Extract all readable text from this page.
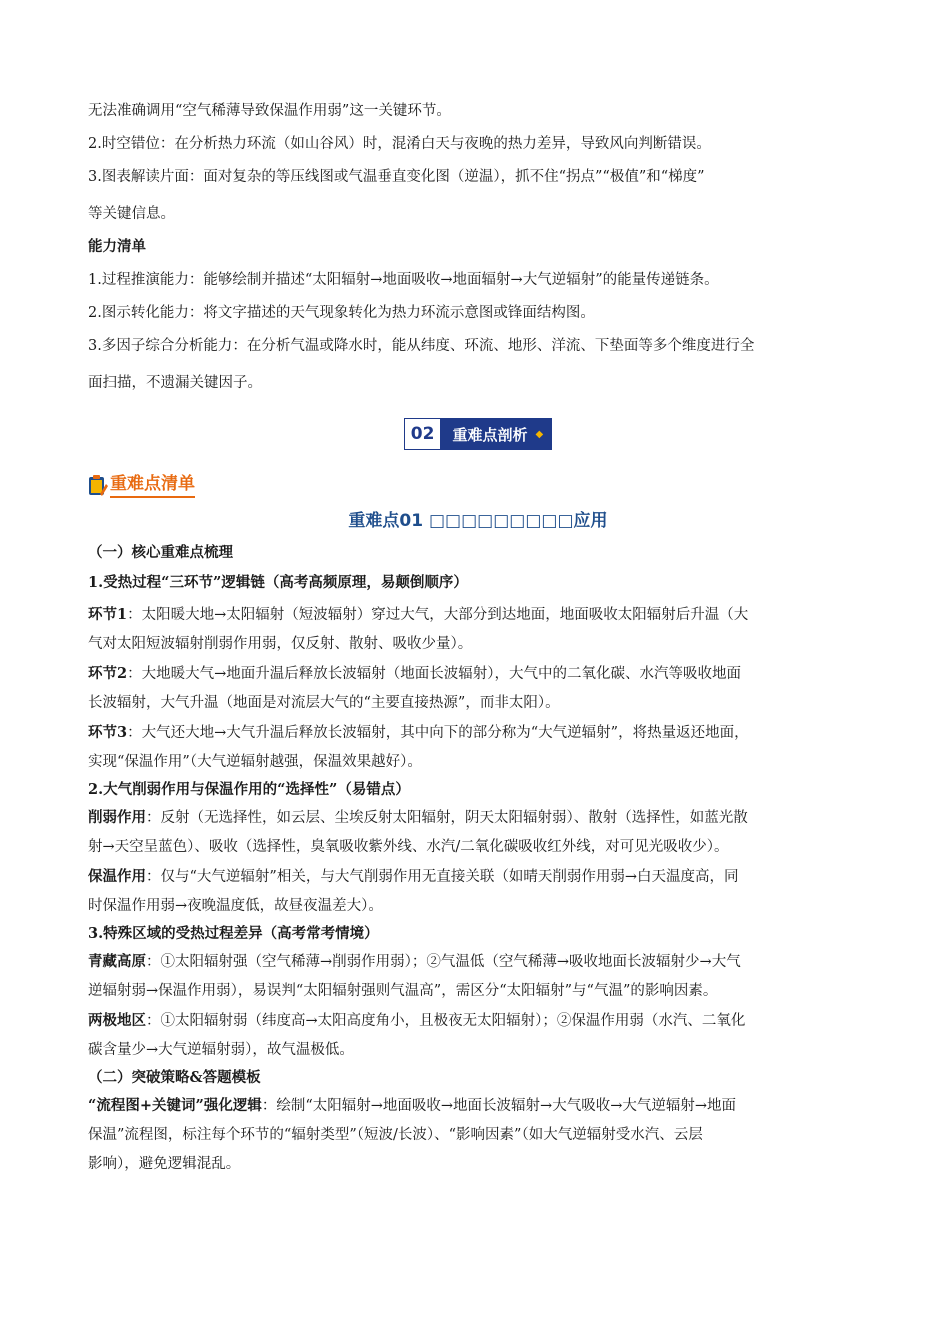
无法准确调用“空气稀薄导致保温作用弱”这一关键环节。

2.时空错位：在分析热力环流（如山谷风）时，混淆白天与夜晚的热力差异，导致风向判断错误。

3.图表解读片面：面对复杂的等压线图或气温垂直变化图（逆温），抓不住“拐点”“极值”和“梯度”

等关键信息。

能力清单

1.过程推演能力：能够绘制并描述“太阳辐射→地面吸收→地面辐射→大气逆辐射”的能量传递链条。

2.图示转化能力：将文字描述的天气现象转化为热力环流示意图或锋面结构图。

3.多因子综合分析能力：在分析气温或降水时，能从纬度、环流、地形、洋流、下垫面等多个维度进行全

面扫描，不遗漏关键因子。

02	重难点剖析 ◆
重难点清单

重难点01 □□□□□□□□□应用

（一）核心重难点梳理

1.受热过程“三环节”逻辑链（高考高频原理，易颠倒顺序）

环节1：太阳暖大地→太阳辐射（短波辐射）穿过大气，大部分到达地面，地面吸收太阳辐射后升温（大

气对太阳短波辐射削弱作用弱，仅反射、散射、吸收少量）。

环节2：大地暖大气→地面升温后释放长波辐射（地面长波辐射），大气中的二氧化碳、水汽等吸收地面

长波辐射，大气升温（地面是对流层大气的“主要直接热源”，而非太阳）。

环节3：大气还大地→大气升温后释放长波辐射，其中向下的部分称为“大气逆辐射”，将热量返还地面，

实现“保温作用”（大气逆辐射越强，保温效果越好）。

2.大气削弱作用与保温作用的“选择性”（易错点）

削弱作用：反射（无选择性，如云层、尘埃反射太阳辐射，阴天太阳辐射弱）、散射（选择性，如蓝光散

射→天空呈蓝色）、吸收（选择性，臭氧吸收紫外线、水汽/二氧化碳吸收红外线，对可见光吸收少）。

保温作用：仅与“大气逆辐射”相关，与大气削弱作用无直接关联（如晴天削弱作用弱→白天温度高，同

时保温作用弱→夜晚温度低，故昼夜温差大）。

3.特殊区域的受热过程差异（高考常考情境）

青藏高原：①太阳辐射强（空气稀薄→削弱作用弱）；②气温低（空气稀薄→吸收地面长波辐射少→大气

逆辐射弱→保温作用弱），易误判“太阳辐射强则气温高”，需区分“太阳辐射”与“气温”的影响因素。

两极地区：①太阳辐射弱（纬度高→太阳高度角小，且极夜无太阳辐射）；②保温作用弱（水汽、二氧化

碳含量少→大气逆辐射弱），故气温极低。

（二）突破策略&答题模板

“流程图+关键词”强化逻辑：绘制“太阳辐射→地面吸收→地面长波辐射→大气吸收→大气逆辐射→地面

保温”流程图，标注每个环节的“辐射类型”（短波/长波）、“影响因素”（如大气逆辐射受水汽、云层

影响），避免逻辑混乱。
